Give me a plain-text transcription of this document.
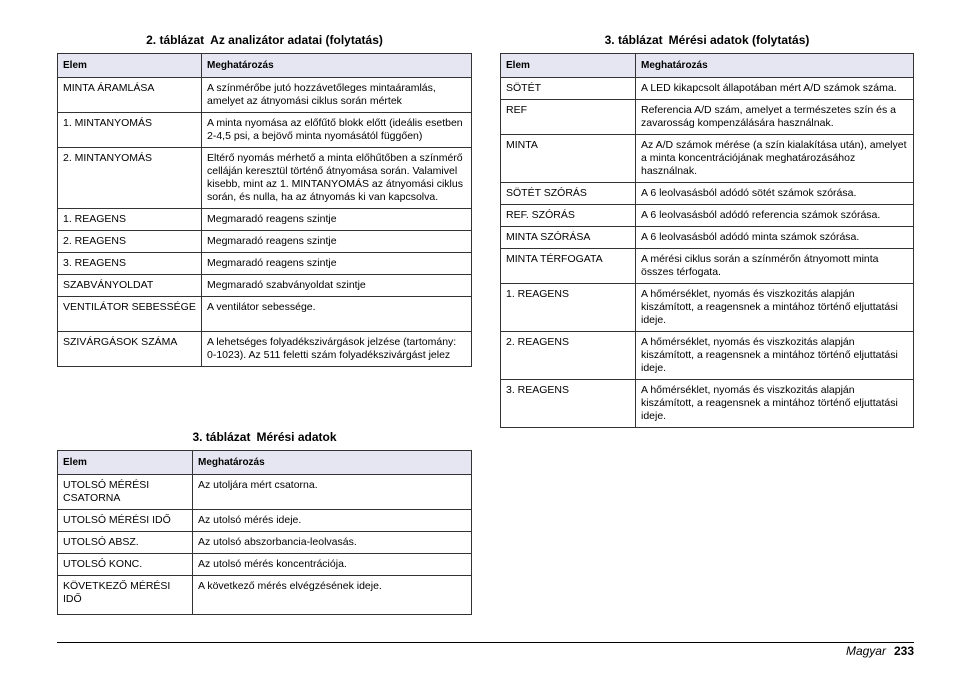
2. táblázat Az analizátor adatai (folytatás)
Elem	Meghatározás
MINTA ÁRAMLÁSA	A színmérőbe jutó hozzávetőleges mintaáramlás, amelyet az átnyomási ciklus során mértek
1. MINTANYOMÁS	A minta nyomása az előfűtő blokk előtt (ideális esetben 2-4,5 psi, a bejövő minta nyomásától függően)
2. MINTANYOMÁS	Eltérő nyomás mérhető a minta előhűtőben a színmérő celláján keresztül történő átnyomása során. Valamivel kisebb, mint az 1. MINTANYOMÁS az átnyomási ciklus során, és nulla, ha az átnyomás ki van kapcsolva.
1. REAGENS	Megmaradó reagens szintje
2. REAGENS	Megmaradó reagens szintje
3. REAGENS	Megmaradó reagens szintje
SZABVÁNYOLDAT	Megmaradó szabványoldat szintje
VENTILÁTOR SEBESSÉGE	A ventilátor sebessége.
SZIVÁRGÁSOK SZÁMA	A lehetséges folyadékszivárgások jelzése (tartomány: 0-1023). Az 511 feletti szám folyadékszivárgást jelez
3. táblázat Mérési adatok
Elem	Meghatározás
UTOLSÓ MÉRÉSI CSATORNA	Az utoljára mért csatorna.
UTOLSÓ MÉRÉSI IDŐ	Az utolsó mérés ideje.
UTOLSÓ ABSZ.	Az utolsó abszorbancia-leolvasás.
UTOLSÓ KONC.	Az utolsó mérés koncentrációja.
KÖVETKEZŐ MÉRÉSI IDŐ	A következő mérés elvégzésének ideje.
3. táblázat Mérési adatok (folytatás)
Elem	Meghatározás
SÖTÉT	A LED kikapcsolt állapotában mért A/D számok száma.
REF	Referencia A/D szám, amelyet a természetes szín és a zavarosság kompenzálására használnak.
MINTA	Az A/D számok mérése (a szín kialakítása után), amelyet a minta koncentrációjának meghatározásához használnak.
SÖTÉT SZÓRÁS	A 6 leolvasásból adódó sötét számok szórása.
REF. SZÓRÁS	A 6 leolvasásból adódó referencia számok szórása.
MINTA SZÓRÁSA	A 6 leolvasásból adódó minta számok szórása.
MINTA TÉRFOGATA	A mérési ciklus során a színmérőn átnyomott minta összes térfogata.
1. REAGENS	A hőmérséklet, nyomás és viszkozitás alapján kiszámított, a reagensnek a mintához történő eljuttatási ideje.
2. REAGENS	A hőmérséklet, nyomás és viszkozitás alapján kiszámított, a reagensnek a mintához történő eljuttatási ideje.
3. REAGENS	A hőmérséklet, nyomás és viszkozitás alapján kiszámított, a reagensnek a mintához történő eljuttatási ideje.
Magyar 233
